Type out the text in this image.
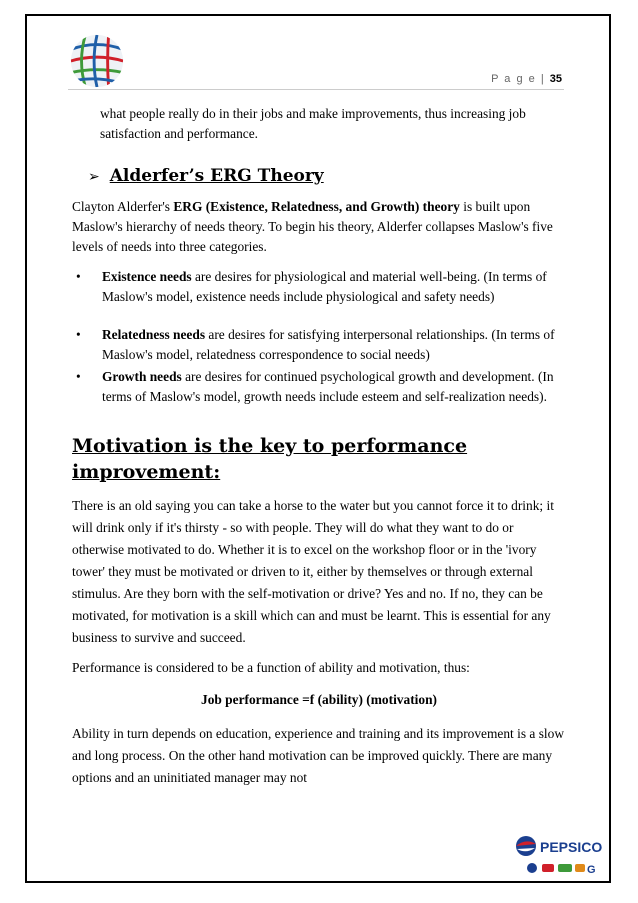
P a g e | 35

what people really do in their jobs and make improvements, thus increasing job satisfaction and performance.

➢ Alderfer’s ERG Theory

Clayton Alderfer's ERG (Existence, Relatedness, and Growth) theory is built upon Maslow's hierarchy of needs theory. To begin his theory, Alderfer collapses Maslow's five levels of needs into three categories.

• Existence needs are desires for physiological and material well-being. (In terms of Maslow's model, existence needs include physiological and safety needs)
• Relatedness needs are desires for satisfying interpersonal relationships. (In terms of Maslow's model, relatedness correspondence to social needs)
• Growth needs are desires for continued psychological growth and development. (In terms of Maslow's model, growth needs include esteem and self-realization needs).
Motivation is the key to performance improvement:

There is an old saying you can take a horse to the water but you cannot force it to drink; it will drink only if it's thirsty - so with people. They will do what they want to do or otherwise motivated to do. Whether it is to excel on the workshop floor or in the 'ivory tower' they must be motivated or driven to it, either by themselves or through external stimulus. Are they born with the self-motivation or drive? Yes and no. If no, they can be motivated, for motivation is a skill which can and must be learnt. This is essential for any business to survive and succeed.

Performance is considered to be a function of ability and motivation, thus:

Job performance =f (ability) (motivation)

Ability in turn depends on education, experience and training and its improvement is a slow and long process. On the other hand motivation can be improved quickly. There are many options and an uninitiated manager may not

PEPSICO
G
